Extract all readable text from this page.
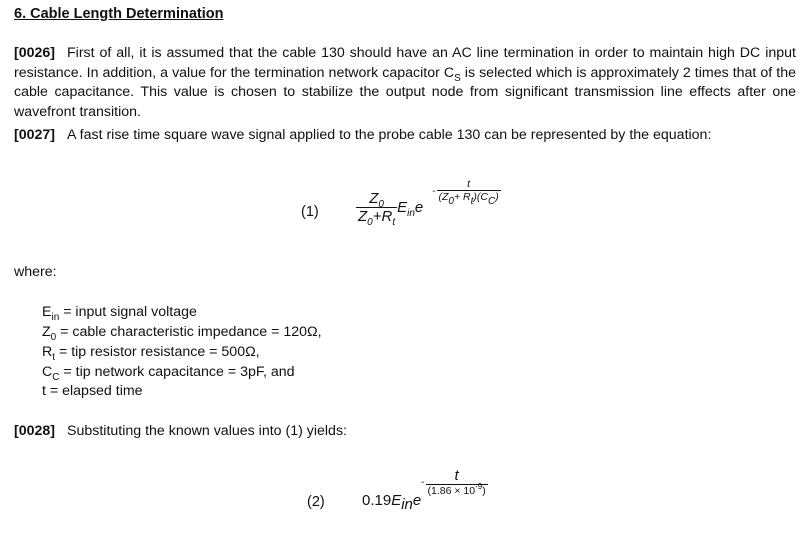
6. Cable Length Determination
[0026] First of all, it is assumed that the cable 130 should have an AC line termination in order to maintain high DC input resistance. In addition, a value for the termination network capacitor $C_S$ is selected which is approximately 2 times that of the cable capacitance. This value is chosen to stabilize the output node from significant transmission line effects after one wavefront transition.
[0027] A fast rise time square wave signal applied to the probe cable 130 can be represented by the equation:
$(1) \frac{Z_0}{Z_0+R_t} E_{in}e$
- $\frac{t}{(Z_0+ R_t)(C_C)}$
where:
$E_{in}$ = input signal voltage
$Z_0$ = cable characteristic impedance = 120Ω,
$R_t$ = tip resistor resistance = 500Ω,
$C_C$ = tip network capacitance = 3pF, and
t = elapsed time
[0028] Substituting the known values into (1) yields:
(2) $0.19E_{in}e$
- $\frac{t}{(1.86 \times 10^{-9})}$
